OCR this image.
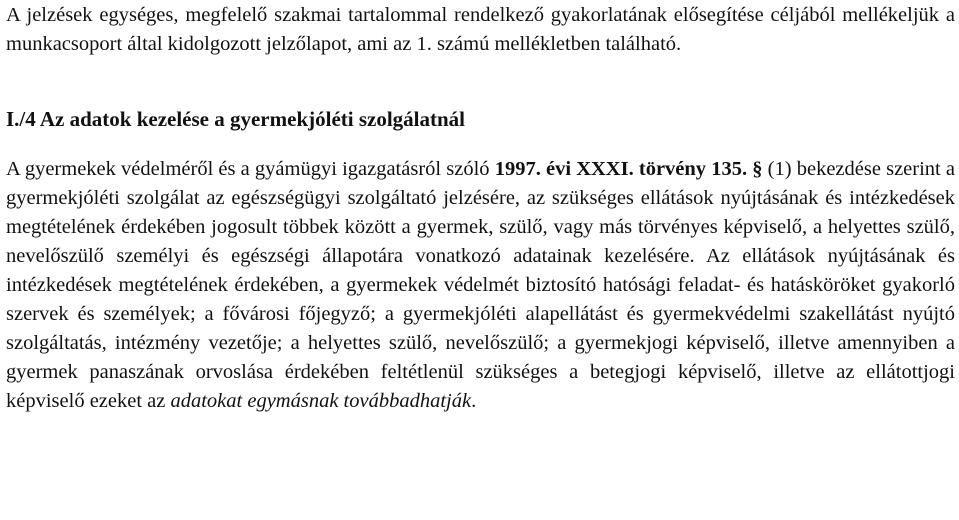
A jelzések egységes, megfelelő szakmai tartalommal rendelkező gyakorlatának elősegítése céljából mellékeljük a munkacsoport által kidolgozott jelzőlapot, ami az 1. számú mellékletben található.

I./4 Az adatok kezelése a gyermekjóléti szolgálatnál

A gyermekek védelméről és a gyámügyi igazgatásról szóló 1997. évi XXXI. törvény 135. § (1) bekezdése szerint a gyermekjóléti szolgálat az egészségügyi szolgáltató jelzésére, az szükséges ellátások nyújtásának és intézkedések megtételének érdekében jogosult többek között a gyermek, szülő, vagy más törvényes képviselő, a helyettes szülő, nevelőszülő személyi és egészségi állapotára vonatkozó adatainak kezelésére. Az ellátások nyújtásának és intézkedések megtételének érdekében, a gyermekek védelmét biztosító hatósági feladat- és hatásköröket gyakorló szervek és személyek; a fővárosi főjegyző; a gyermekjóléti alapellátást és gyermekvédelmi szakellátást nyújtó szolgáltatás, intézmény vezetője; a helyettes szülő, nevelőszülő; a gyermekjogi képviselő, illetve amennyiben a gyermek panaszának orvoslása érdekében feltétlenül szükséges a betegjogi képviselő, illetve az ellátottjogi képviselő ezeket az adatokat egymásnak továbbadhatják.
